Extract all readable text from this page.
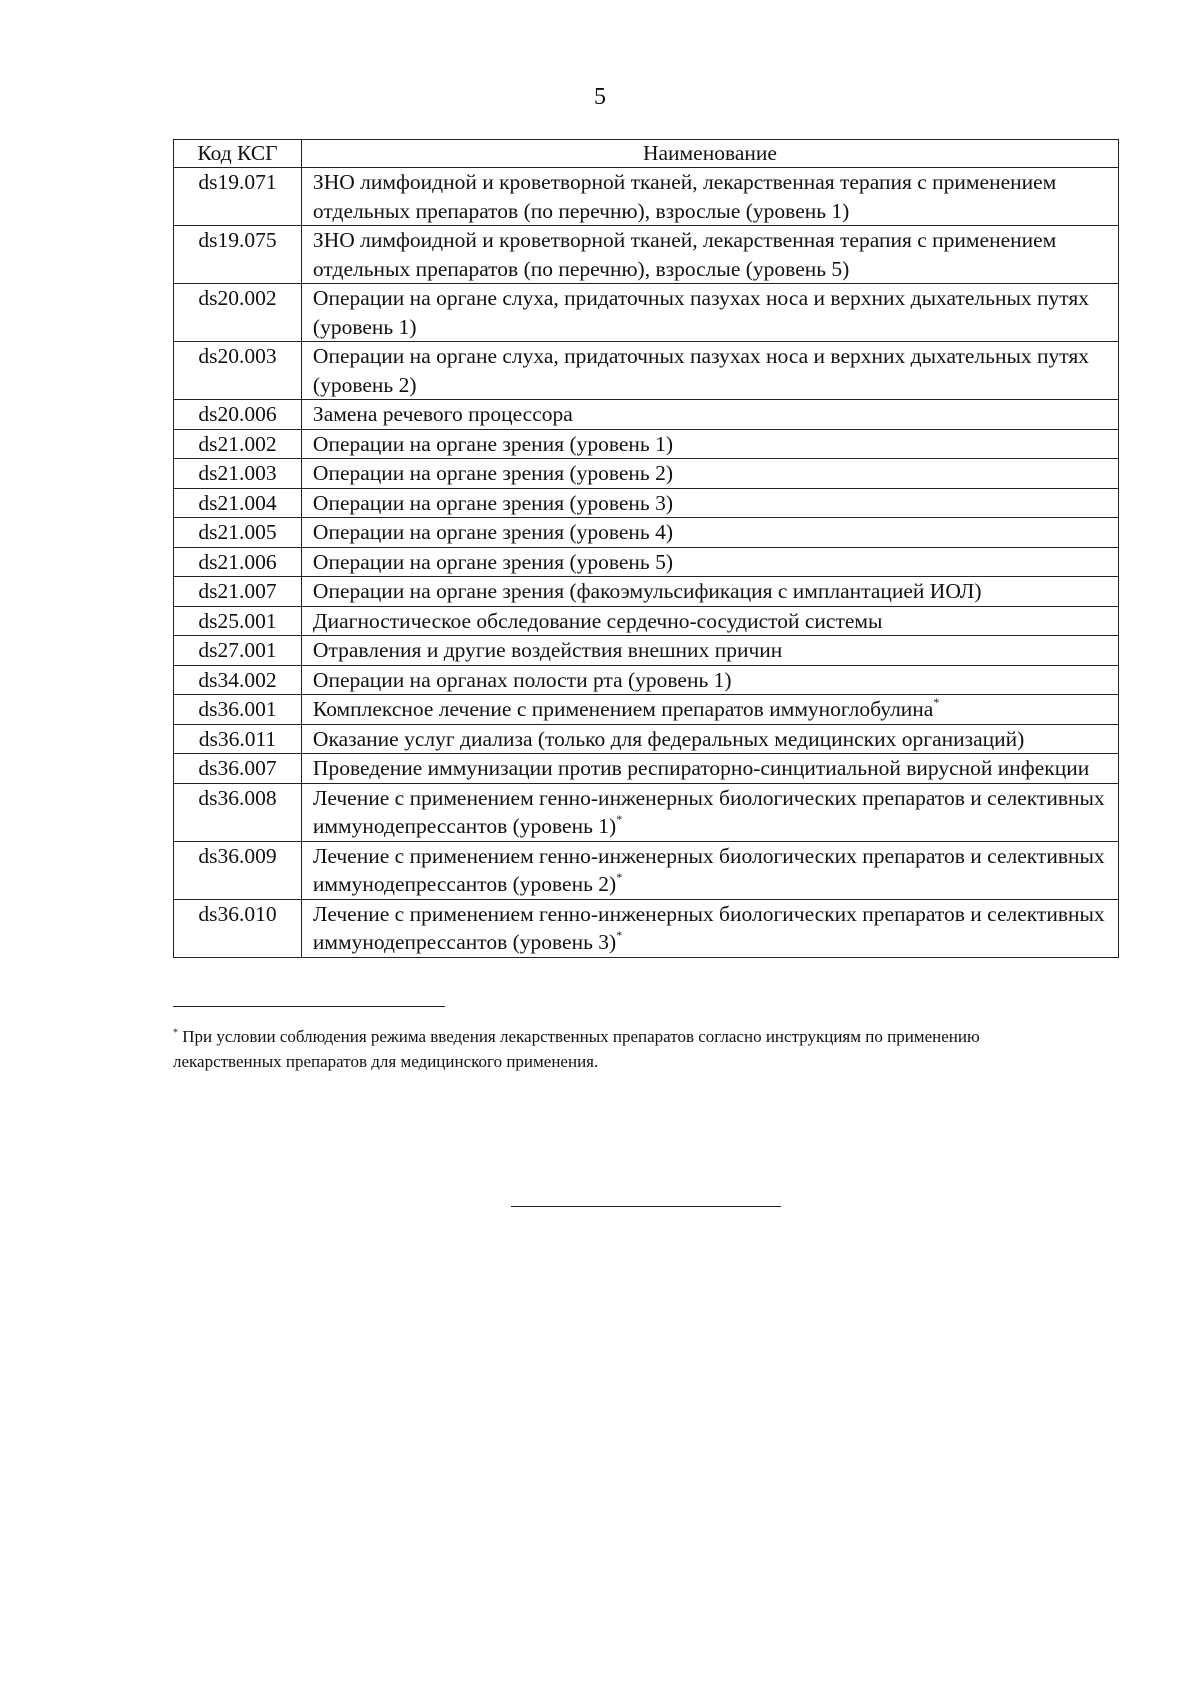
5
Код КСГ	Наименование
ds19.071	ЗНО лимфоидной и кроветворной тканей, лекарственная терапия с применением отдельных препаратов (по перечню), взрослые (уровень 1)
ds19.075	ЗНО лимфоидной и кроветворной тканей, лекарственная терапия с применением отдельных препаратов (по перечню), взрослые (уровень 5)
ds20.002	Операции на органе слуха, придаточных пазухах носа и верхних дыхательных путях (уровень 1)
ds20.003	Операции на органе слуха, придаточных пазухах носа и верхних дыхательных путях (уровень 2)
ds20.006	Замена речевого процессора
ds21.002	Операции на органе зрения (уровень 1)
ds21.003	Операции на органе зрения (уровень 2)
ds21.004	Операции на органе зрения (уровень 3)
ds21.005	Операции на органе зрения (уровень 4)
ds21.006	Операции на органе зрения (уровень 5)
ds21.007	Операции на органе зрения (факоэмульсификация с имплантацией ИОЛ)
ds25.001	Диагностическое обследование сердечно-сосудистой системы
ds27.001	Отравления и другие воздействия внешних причин
ds34.002	Операции на органах полости рта (уровень 1)
ds36.001	Комплексное лечение с применением препаратов иммуноглобулина*
ds36.011	Оказание услуг диализа (только для федеральных медицинских организаций)
ds36.007	Проведение иммунизации против респираторно-синцитиальной вирусной инфекции
ds36.008	Лечение с применением генно-инженерных биологических препаратов и селективных иммунодепрессантов (уровень 1)*
ds36.009	Лечение с применением генно-инженерных биологических препаратов и селективных иммунодепрессантов (уровень 2)*
ds36.010	Лечение с применением генно-инженерных биологических препаратов и селективных иммунодепрессантов (уровень 3)*
* При условии соблюдения режима введения лекарственных препаратов согласно инструкциям по применению лекарственных препаратов для медицинского применения.
